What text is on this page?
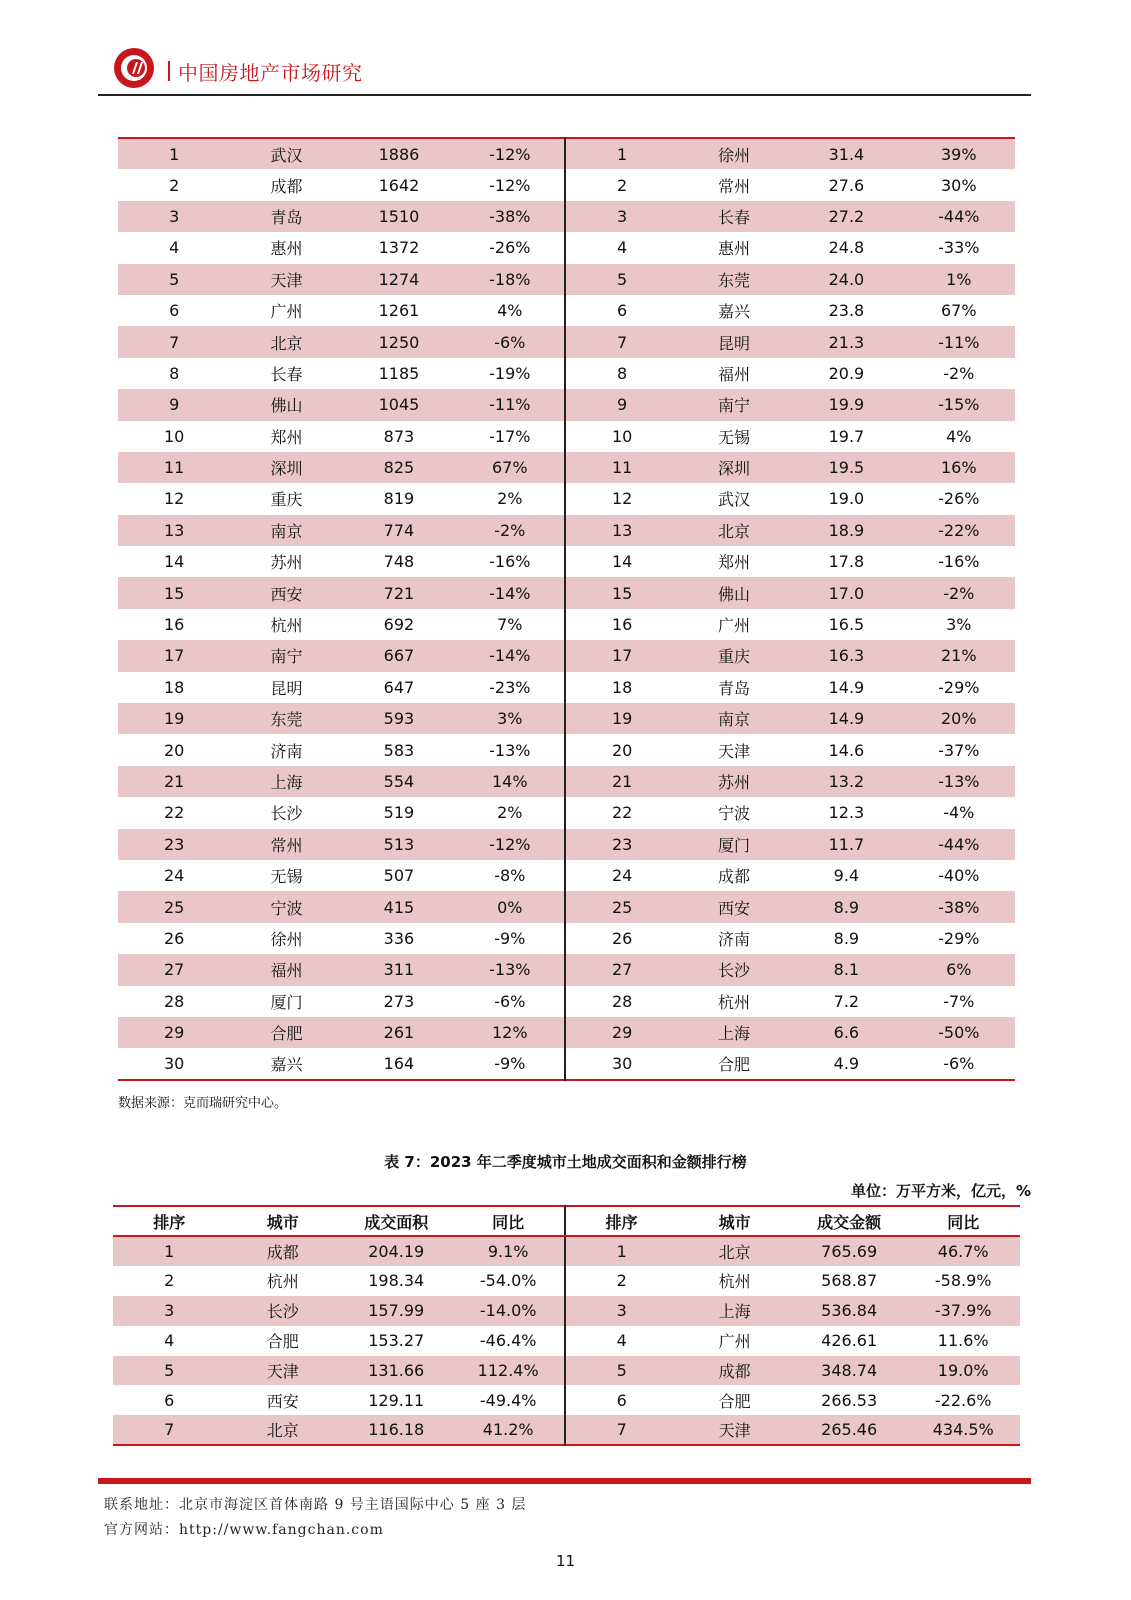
中国房地产市场研究
1	武汉	1886	-12%	1	徐州	31.4	39%
2	成都	1642	-12%	2	常州	27.6	30%
3	青岛	1510	-38%	3	长春	27.2	-44%
4	惠州	1372	-26%	4	惠州	24.8	-33%
5	天津	1274	-18%	5	东莞	24.0	1%
6	广州	1261	4%	6	嘉兴	23.8	67%
7	北京	1250	-6%	7	昆明	21.3	-11%
8	长春	1185	-19%	8	福州	20.9	-2%
9	佛山	1045	-11%	9	南宁	19.9	-15%
10	郑州	873	-17%	10	无锡	19.7	4%
11	深圳	825	67%	11	深圳	19.5	16%
12	重庆	819	2%	12	武汉	19.0	-26%
13	南京	774	-2%	13	北京	18.9	-22%
14	苏州	748	-16%	14	郑州	17.8	-16%
15	西安	721	-14%	15	佛山	17.0	-2%
16	杭州	692	7%	16	广州	16.5	3%
17	南宁	667	-14%	17	重庆	16.3	21%
18	昆明	647	-23%	18	青岛	14.9	-29%
19	东莞	593	3%	19	南京	14.9	20%
20	济南	583	-13%	20	天津	14.6	-37%
21	上海	554	14%	21	苏州	13.2	-13%
22	长沙	519	2%	22	宁波	12.3	-4%
23	常州	513	-12%	23	厦门	11.7	-44%
24	无锡	507	-8%	24	成都	9.4	-40%
25	宁波	415	0%	25	西安	8.9	-38%
26	徐州	336	-9%	26	济南	8.9	-29%
27	福州	311	-13%	27	长沙	8.1	6%
28	厦门	273	-6%	28	杭州	7.2	-7%
29	合肥	261	12%	29	上海	6.6	-50%
30	嘉兴	164	-9%	30	合肥	4.9	-6%
数据来源：克而瑞研究中心。
表 7：2023 年二季度城市土地成交面积和金额排行榜
单位：万平方米，亿元，%
排序	城市	成交面积	同比	排序	城市	成交金额	同比
1	成都	204.19	9.1%	1	北京	765.69	46.7%
2	杭州	198.34	-54.0%	2	杭州	568.87	-58.9%
3	长沙	157.99	-14.0%	3	上海	536.84	-37.9%
4	合肥	153.27	-46.4%	4	广州	426.61	11.6%
5	天津	131.66	112.4%	5	成都	348.74	19.0%
6	西安	129.11	-49.4%	6	合肥	266.53	-22.6%
7	北京	116.18	41.2%	7	天津	265.46	434.5%
联系地址：北京市海淀区首体南路 9 号主语国际中心 5 座 3 层
官方网站：http://www.fangchan.com
11
